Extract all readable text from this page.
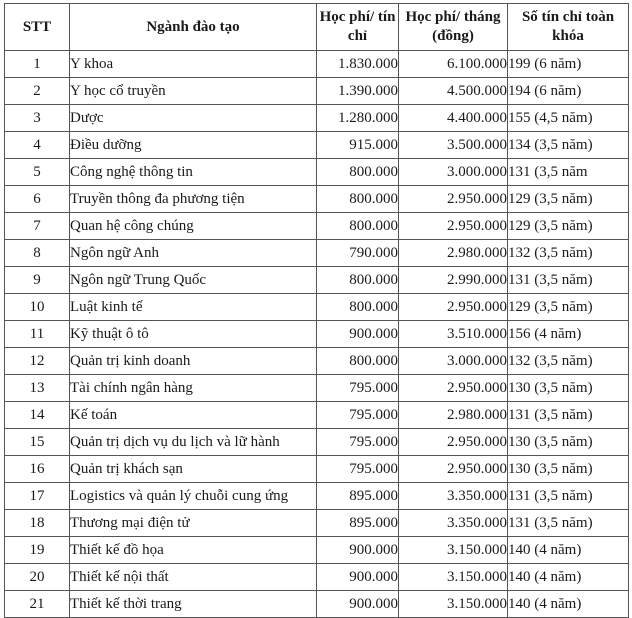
STT	Ngành đào tạo	Học phí/ tín chỉ	Học phí/ tháng (đồng)	Số tín chỉ toàn khóa
1	Y khoa	1.830.000	6.100.000	199 (6 năm)
2	Y học cổ truyền	1.390.000	4.500.000	194 (6 năm)
3	Dược	1.280.000	4.400.000	155 (4,5 năm)
4	Điều dưỡng	915.000	3.500.000	134 (3,5 năm)
5	Công nghệ thông tin	800.000	3.000.000	131 (3,5 năm
6	Truyền thông đa phương tiện	800.000	2.950.000	129 (3,5 năm)
7	Quan hệ công chúng	800.000	2.950.000	129 (3,5 năm)
8	Ngôn ngữ Anh	790.000	2.980.000	132 (3,5 năm)
9	Ngôn ngữ Trung Quốc	800.000	2.990.000	131 (3,5 năm)
10	Luật kinh tế	800.000	2.950.000	129 (3,5 năm)
11	Kỹ thuật ô tô	900.000	3.510.000	156 (4 năm)
12	Quản trị kinh doanh	800.000	3.000.000	132 (3,5 năm)
13	Tài chính ngân hàng	795.000	2.950.000	130 (3,5 năm)
14	Kế toán	795.000	2.980.000	131 (3,5 năm)
15	Quản trị dịch vụ du lịch và lữ hành	795.000	2.950.000	130 (3,5 năm)
16	Quản trị khách sạn	795.000	2.950.000	130 (3,5 năm)
17	Logistics và quản lý chuỗi cung ứng	895.000	3.350.000	131 (3,5 năm)
18	Thương mại điện tử	895.000	3.350.000	131 (3,5 năm)
19	Thiết kế đồ họa	900.000	3.150.000	140 (4 năm)
20	Thiết kế nội thất	900.000	3.150.000	140 (4 năm)
21	Thiết kế thời trang	900.000	3.150.000	140 (4 năm)
